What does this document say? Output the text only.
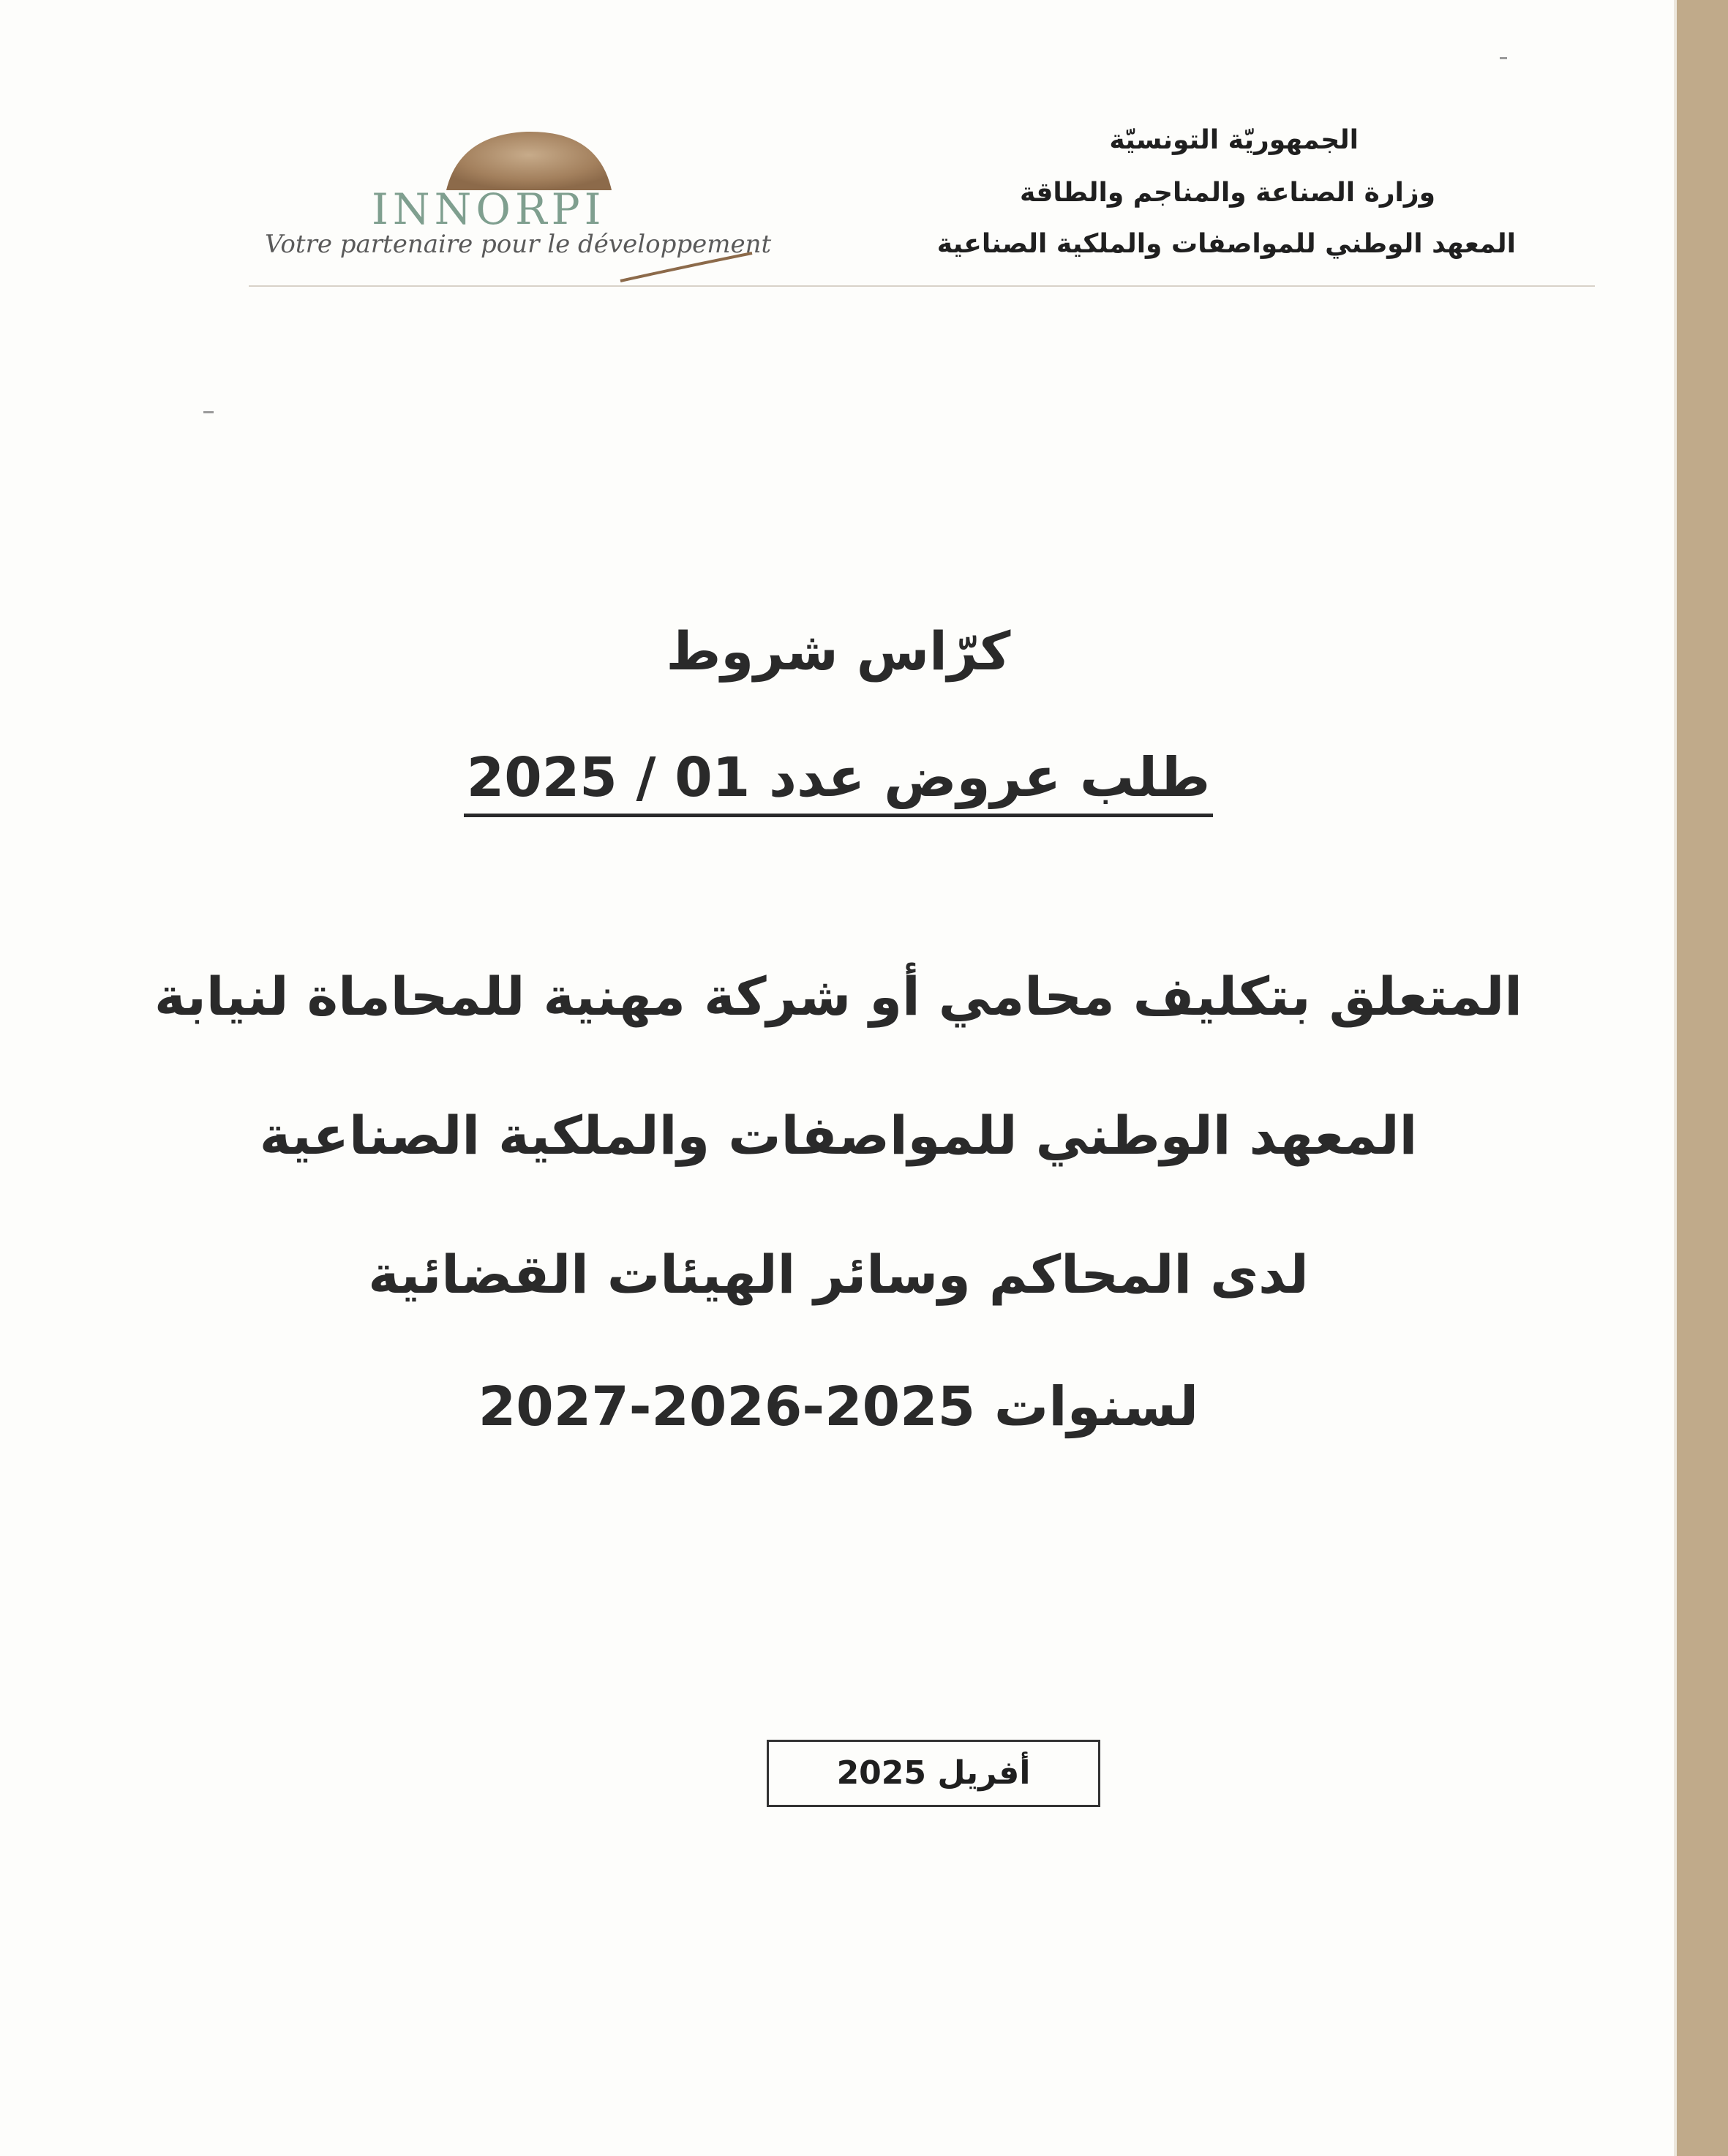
INNORPI
Votre partenaire pour le développement
الجمهوريّة التونسيّة
وزارة الصناعة والمناجم والطاقة
المعهد الوطني للمواصفات والملكية الصناعية
كرّاس شروط
طلب عروض عدد 01 / 2025
المتعلق بتكليف محامي أو شركة مهنية للمحاماة لنيابة
المعهد الوطني للمواصفات والملكية الصناعية
لدى المحاكم وسائر الهيئات القضائية
لسنوات 2025-2026-2027
أفريل 2025
